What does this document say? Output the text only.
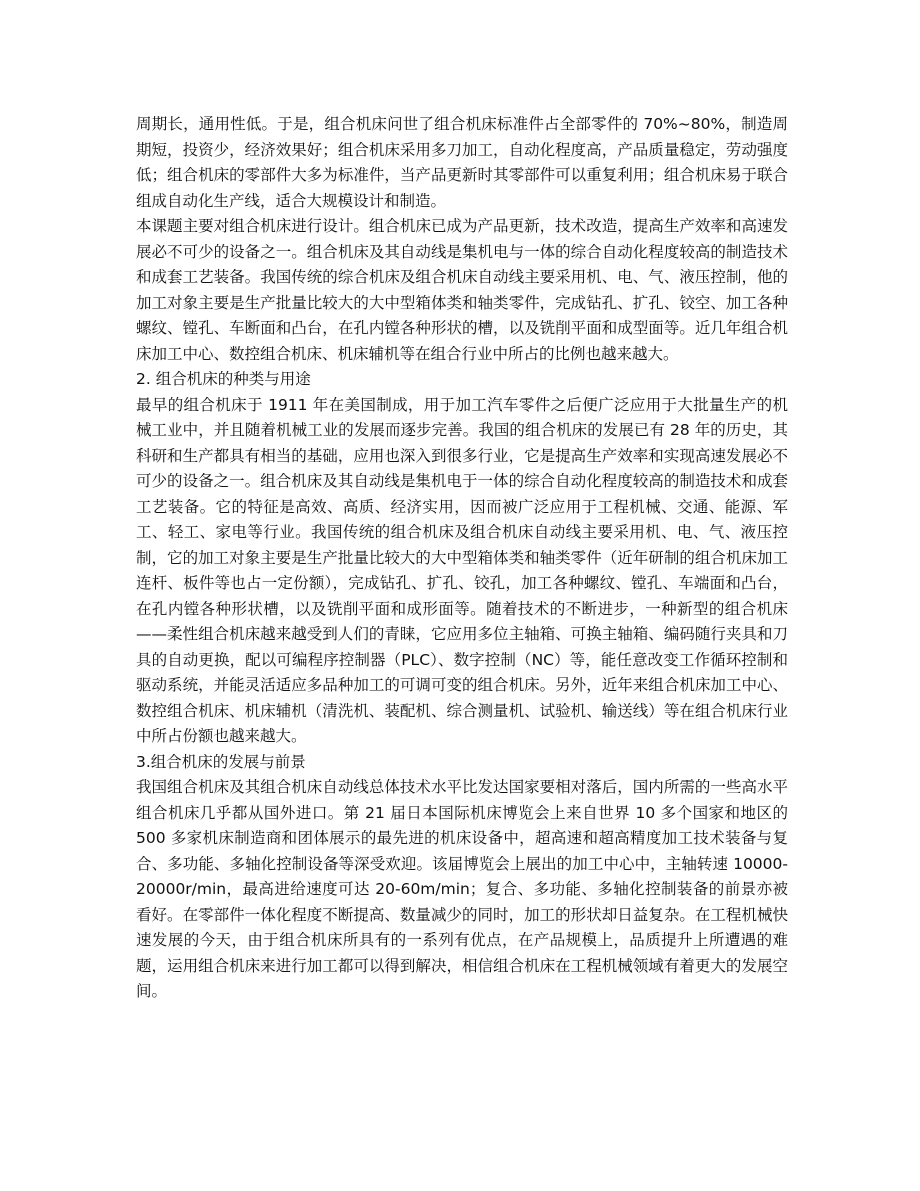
周期长，通用性低。于是，组合机床问世了组合机床标准件占全部零件的 70%~80%，制造周期短，投资少，经济效果好；组合机床采用多刀加工，自动化程度高，产品质量稳定，劳动强度低；组合机床的零部件大多为标准件，当产品更新时其零部件可以重复利用；组合机床易于联合组成自动化生产线，适合大规模设计和制造。

本课题主要对组合机床进行设计。组合机床已成为产品更新，技术改造，提高生产效率和高速发展必不可少的设备之一。组合机床及其自动线是集机电与一体的综合自动化程度较高的制造技术和成套工艺装备。我国传统的综合机床及组合机床自动线主要采用机、电、气、液压控制，他的加工对象主要是生产批量比较大的大中型箱体类和轴类零件，完成钻孔、扩孔、铰空、加工各种螺纹、镗孔、车断面和凸台，在孔内镗各种形状的槽，以及铣削平面和成型面等。近几年组合机床加工中心、数控组合机床、机床辅机等在组合行业中所占的比例也越来越大。

2. 组合机床的种类与用途

最早的组合机床于 1911 年在美国制成，用于加工汽车零件之后便广泛应用于大批量生产的机械工业中，并且随着机械工业的发展而逐步完善。我国的组合机床的发展已有 28 年的历史，其科研和生产都具有相当的基础，应用也深入到很多行业，它是提高生产效率和实现高速发展必不可少的设备之一。组合机床及其自动线是集机电于一体的综合自动化程度较高的制造技术和成套工艺装备。它的特征是高效、高质、经济实用，因而被广泛应用于工程机械、交通、能源、军工、轻工、家电等行业。我国传统的组合机床及组合机床自动线主要采用机、电、气、液压控制，它的加工对象主要是生产批量比较大的大中型箱体类和轴类零件（近年研制的组合机床加工连杆、板件等也占一定份额），完成钻孔、扩孔、铰孔，加工各种螺纹、镗孔、车端面和凸台，在孔内镗各种形状槽，以及铣削平面和成形面等。随着技术的不断进步，一种新型的组合机床——柔性组合机床越来越受到人们的青睐，它应用多位主轴箱、可换主轴箱、编码随行夹具和刀具的自动更换，配以可编程序控制器（PLC）、数字控制（NC）等，能任意改变工作循环控制和驱动系统，并能灵活适应多品种加工的可调可变的组合机床。另外，近年来组合机床加工中心、数控组合机床、机床辅机（清洗机、装配机、综合测量机、试验机、输送线）等在组合机床行业中所占份额也越来越大。

3.组合机床的发展与前景

我国组合机床及其组合机床自动线总体技术水平比发达国家要相对落后，国内所需的一些高水平组合机床几乎都从国外进口。第 21 届日本国际机床博览会上来自世界 10 多个国家和地区的 500 多家机床制造商和团体展示的最先进的机床设备中，超高速和超高精度加工技术装备与复合、多功能、多轴化控制设备等深受欢迎。该届博览会上展出的加工中心中，主轴转速 10000-20000r/min，最高进给速度可达 20-60m/min；复合、多功能、多轴化控制装备的前景亦被看好。在零部件一体化程度不断提高、数量减少的同时，加工的形状却日益复杂。在工程机械快速发展的今天，由于组合机床所具有的一系列有优点，在产品规模上，品质提升上所遭遇的难题，运用组合机床来进行加工都可以得到解决，相信组合机床在工程机械领域有着更大的发展空间。
